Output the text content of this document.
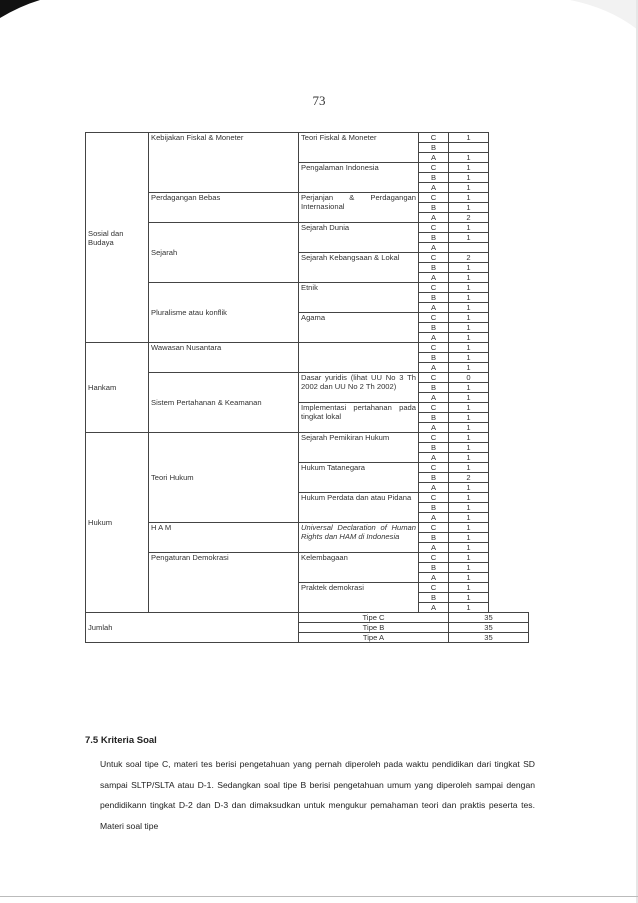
73
Sosial dan Budaya	Kebijakan Fiskal & Moneter	Teori Fiskal & Moneter	C	1
			B	
			A	1
		Pengalaman Indonesia	C	1
			B	1
			A	1
	Perdagangan Bebas	Perjanjan & Perdagangan Internasional	C	1
			B	1
			A	2
	Sejarah	Sejarah Dunia	C	1
			B	1
			A	
		Sejarah Kebangsaan & Lokal	C	2
			B	1
			A	1
	Pluralisme atau konflik	Etnik	C	1
			B	1
			A	1
		Agama	C	1
			B	1
			A	1
Hankam	Wawasan Nusantara		C	1
			B	1
			A	1
	Sistem Pertahanan & Keamanan	Dasar yuridis (lihat UU No 3 Th 2002 dan UU No 2 Th 2002)	C	0
			B	1
			A	1
		Implementasi pertahanan pada tingkat lokal	C	1
			B	1
			A	1
Hukum	Teori Hukum	Sejarah Pemikiran Hukum	C	1
			B	1
			A	1
		Hukum Tatanegara	C	1
			B	2
			A	1
		Hukum Perdata dan atau Pidana	C	1
			B	1
			A	1
	H A M	Universal Declaration of Human Rights dan HAM di Indonesia	C	1
			B	1
			A	1
	Pengaturan Demokrasi	Kelembagaan	C	1
			B	1
			A	1
		Praktek demokrasi	C	1
			B	1
			A	1
Jumlah		Tipe C		35
		Tipe B		35
		Tipe A		35
7.5 Kriteria Soal

Untuk soal tipe C, materi tes berisi pengetahuan yang pernah diperoleh pada waktu pendidikan dari tingkat SD sampai SLTP/SLTA atau D-1. Sedangkan soal tipe B berisi pengetahuan umum yang diperoleh sampai dengan pendidikann tingkat D-2 dan D-3 dan dimaksudkan untuk mengukur pemahaman teori dan praktis peserta tes. Materi soal tipe
